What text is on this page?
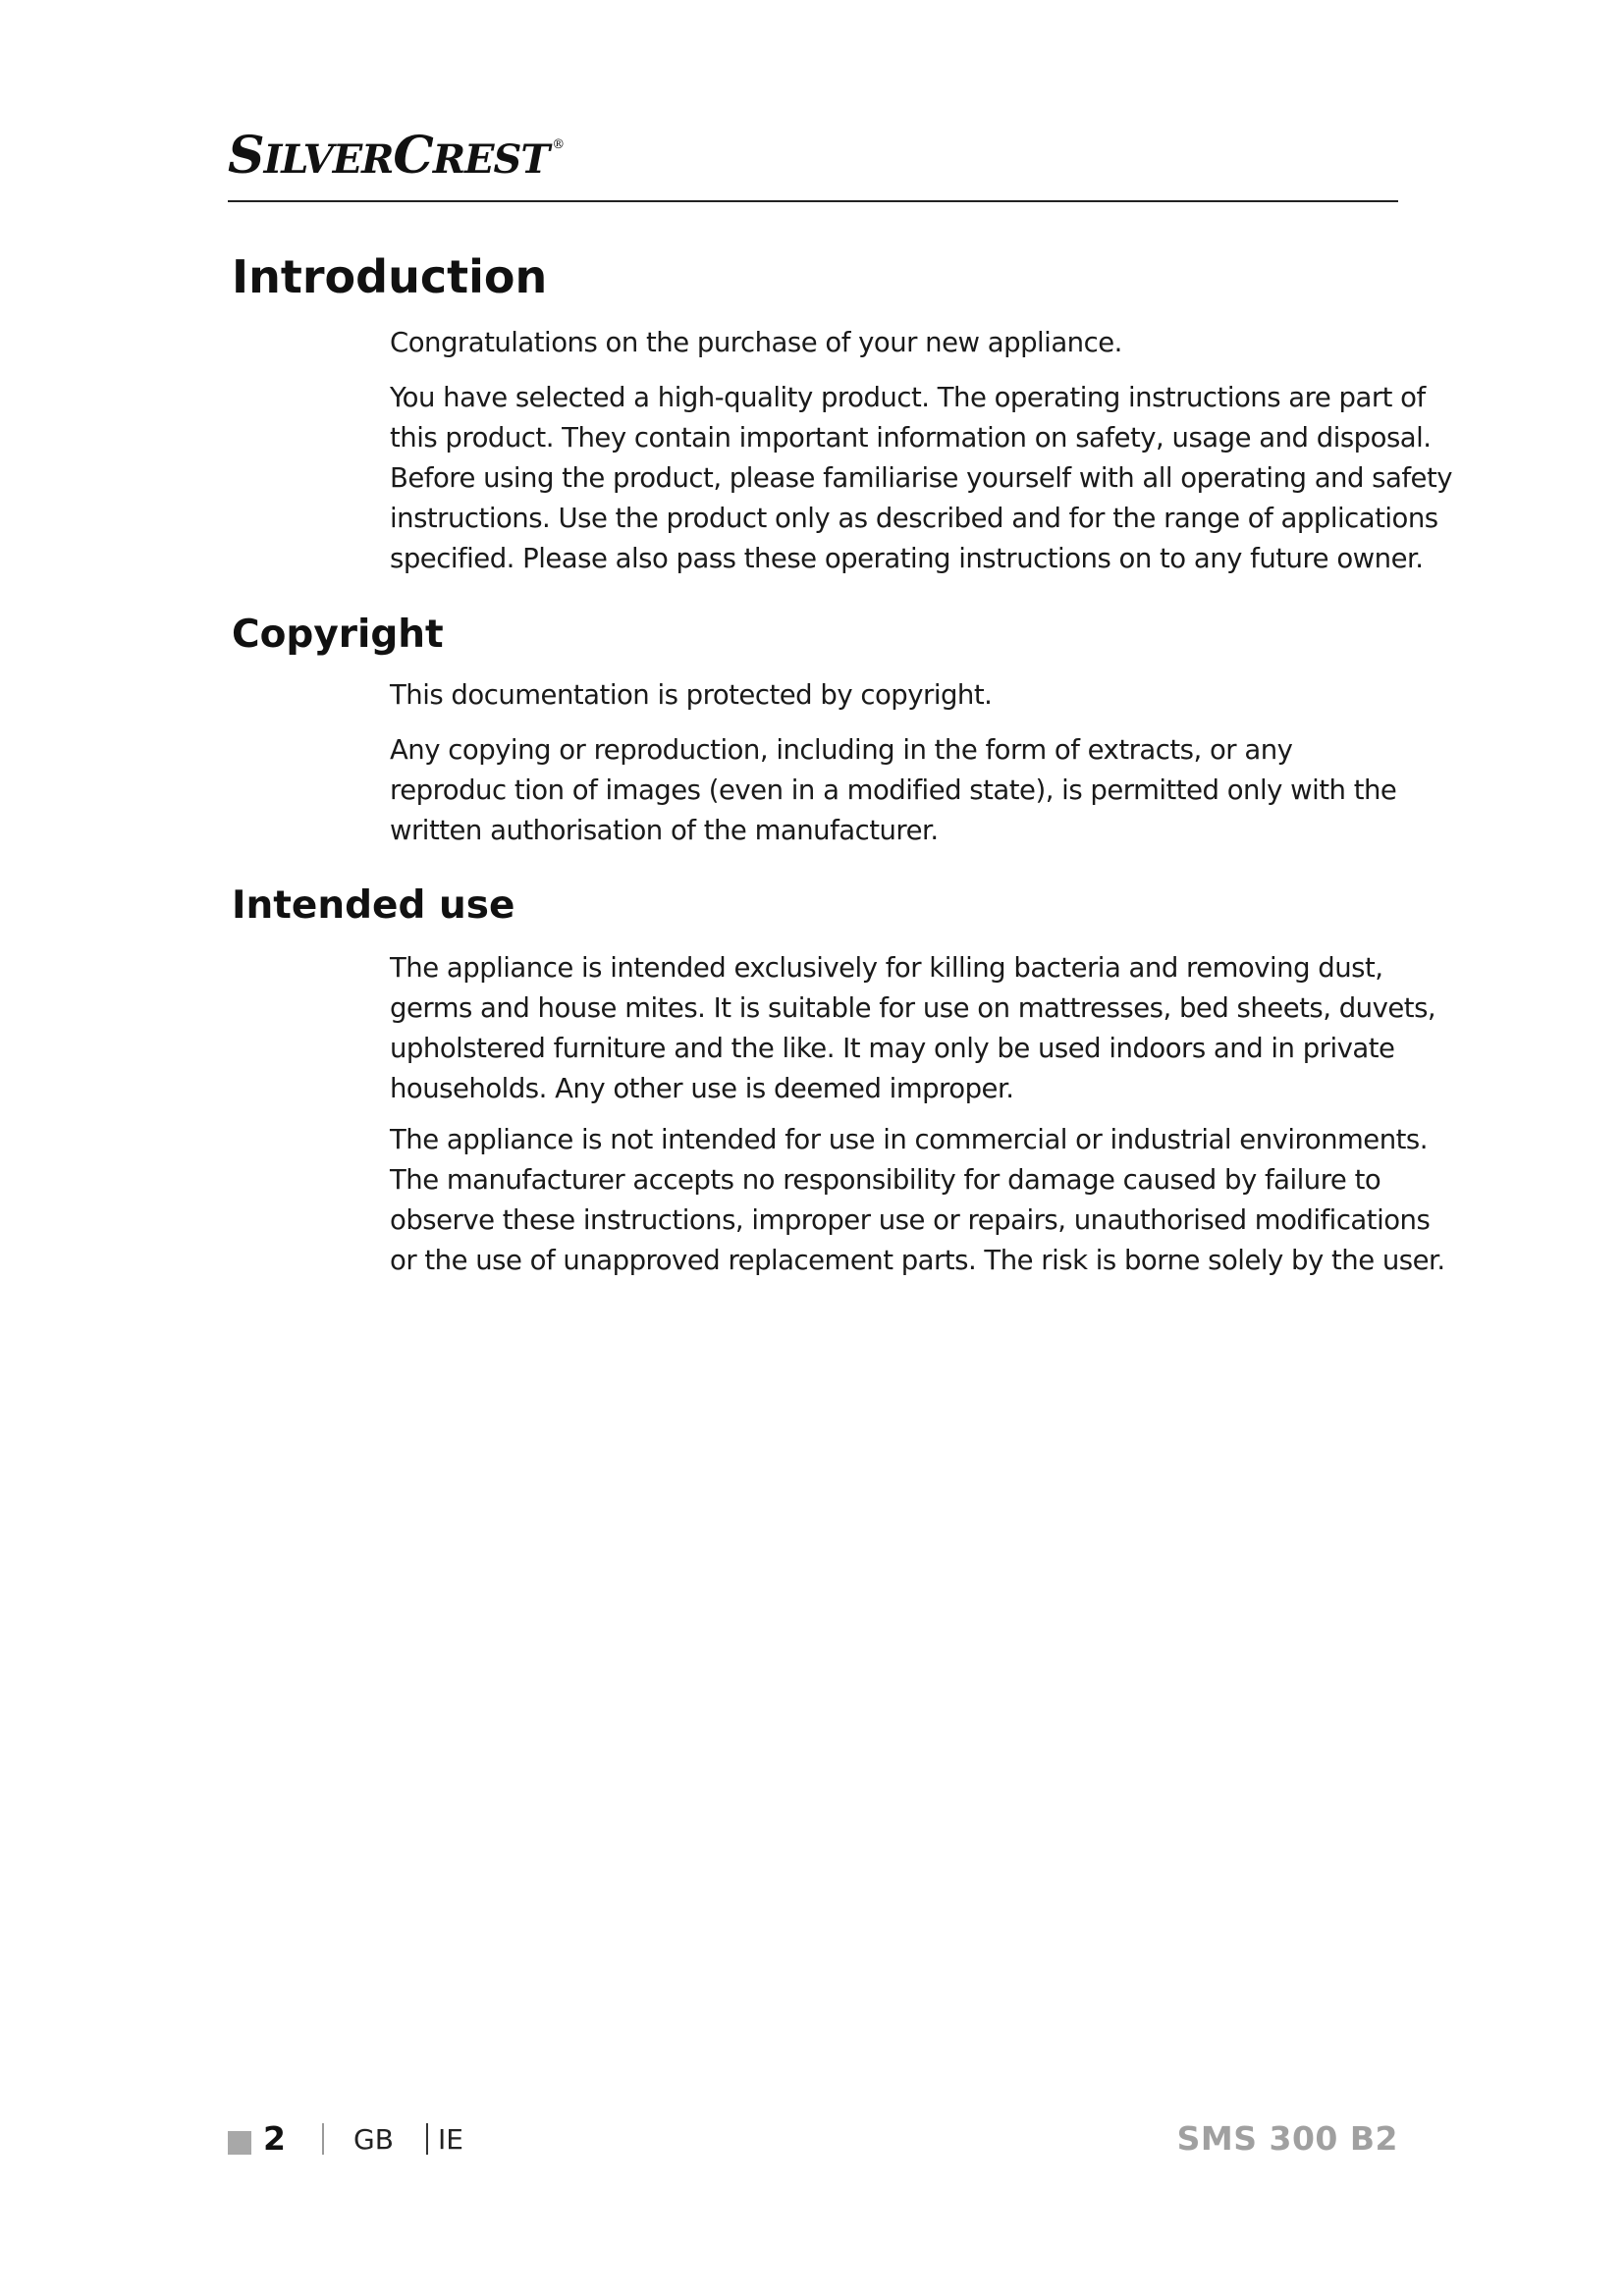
SILVERCREST ®
Introduction

Congratulations on the purchase of your new appliance.

You have selected a high-quality product. The operating instructions are part of
this product. They contain important information on safety, usage and disposal.
Before using the product, please familiarise yourself with all operating and safety
instructions. Use the product only as described and for the range of applications
specified. Please also pass these operating instructions on to any future owner.

Copyright

This documentation is protected by copyright.

Any copying or reproduction, including in the form of extracts, or any
reproduc tion of images (even in a modified state), is permitted only with the
written authorisation of the manufacturer.

Intended use

The appliance is intended exclusively for killing bacteria and removing dust,
germs and house mites. It is suitable for use on mattresses, bed sheets, duvets,
upholstered furniture and the like. It may only be used indoors and in private
households. Any other use is deemed improper.

The appliance is not intended for use in commercial or industrial environments.
The manufacturer accepts no responsibility for damage caused by failure to
observe these instructions, improper use or repairs, unauthorised modifications
or the use of unapproved replacement parts. The risk is borne solely by the user.

2 GB IE	SMS 300 B2
